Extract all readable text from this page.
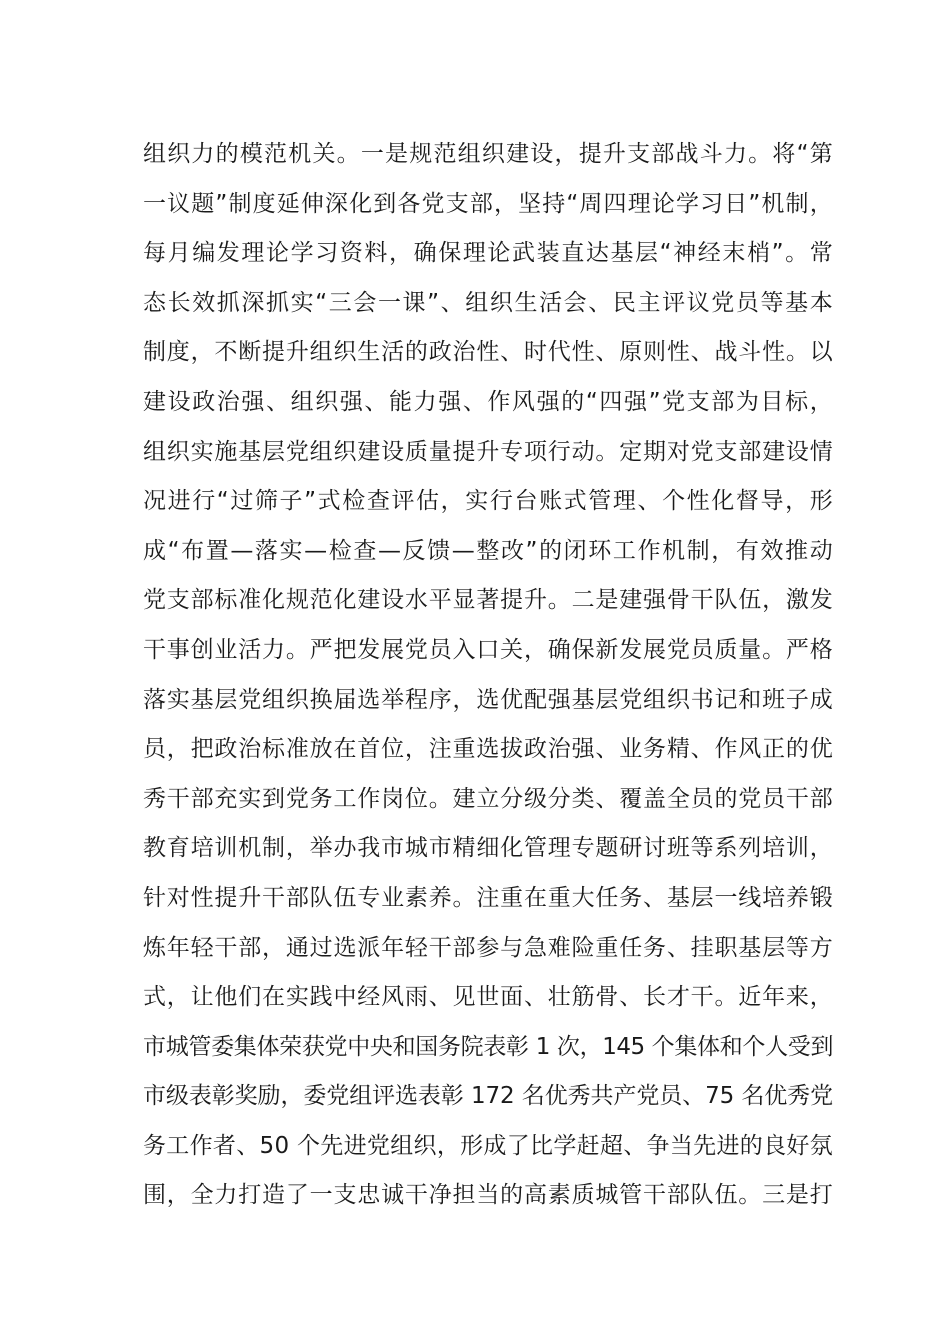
组织力的模范机关。一是规范组织建设，提升支部战斗力。将“第
一议题”制度延伸深化到各党支部，坚持“周四理论学习日”机制，
每月编发理论学习资料，确保理论武装直达基层“神经末梢”。常
态长效抓深抓实“三会一课”、组织生活会、民主评议党员等基本
制度，不断提升组织生活的政治性、时代性、原则性、战斗性。以
建设政治强、组织强、能力强、作风强的“四强”党支部为目标，
组织实施基层党组织建设质量提升专项行动。定期对党支部建设情
况进行“过筛子”式检查评估，实行台账式管理、个性化督导，形
成“布置—落实—检查—反馈—整改”的闭环工作机制，有效推动
党支部标准化规范化建设水平显著提升。二是建强骨干队伍，激发
干事创业活力。严把发展党员入口关，确保新发展党员质量。严格
落实基层党组织换届选举程序，选优配强基层党组织书记和班子成
员，把政治标准放在首位，注重选拔政治强、业务精、作风正的优
秀干部充实到党务工作岗位。建立分级分类、覆盖全员的党员干部
教育培训机制，举办我市城市精细化管理专题研讨班等系列培训，
针对性提升干部队伍专业素养。注重在重大任务、基层一线培养锻
炼年轻干部，通过选派年轻干部参与急难险重任务、挂职基层等方
式，让他们在实践中经风雨、见世面、壮筋骨、长才干。近年来，
市城管委集体荣获党中央和国务院表彰 1 次，145 个集体和个人受到
市级表彰奖励，委党组评选表彰 172 名优秀共产党员、75 名优秀党
务工作者、50 个先进党组织，形成了比学赶超、争当先进的良好氛
围，全力打造了一支忠诚干净担当的高素质城管干部队伍。三是打
